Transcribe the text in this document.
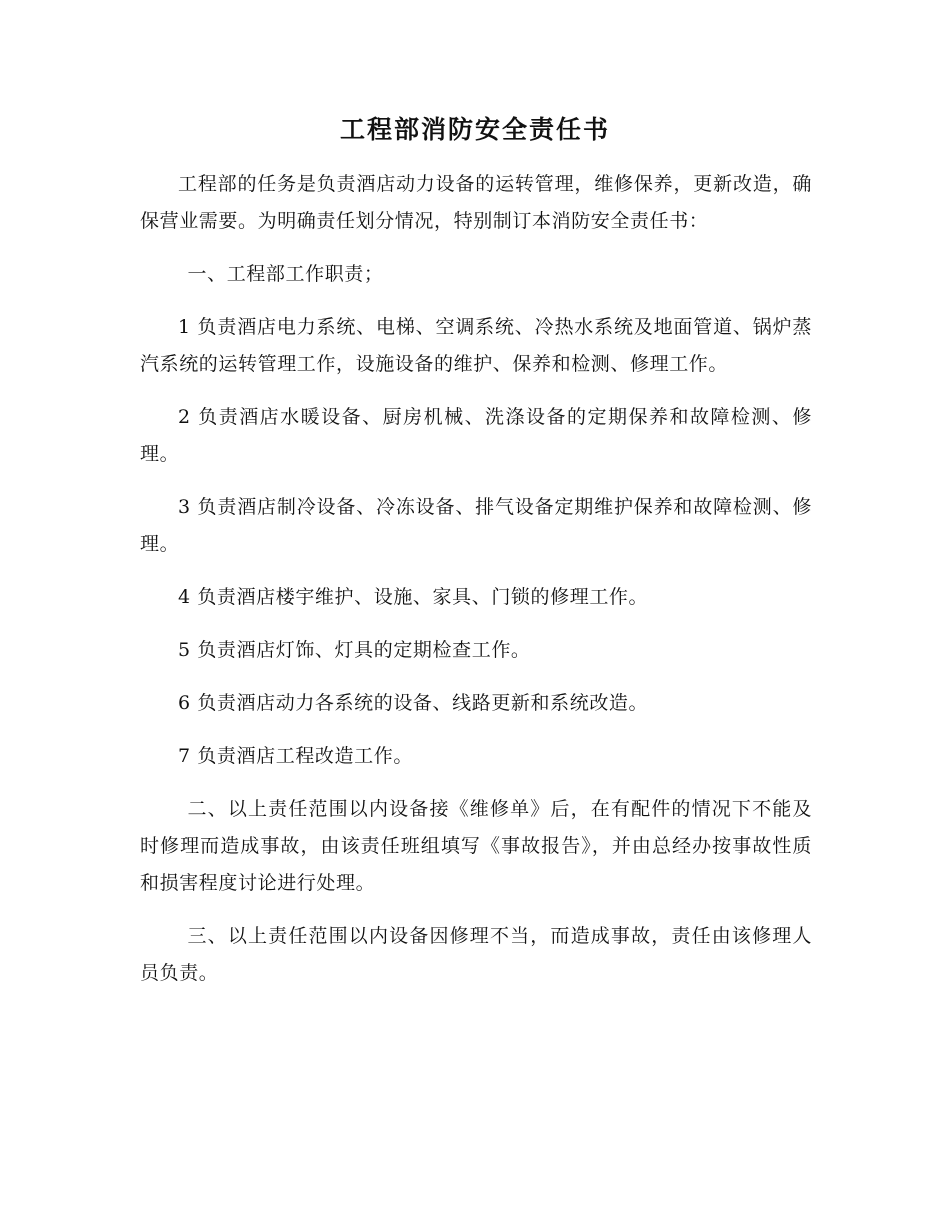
工程部消防安全责任书

工程部的任务是负责酒店动力设备的运转管理，维修保养，更新改造，确保营业需要。为明确责任划分情况，特别制订本消防安全责任书：

一、工程部工作职责；

1 负责酒店电力系统、电梯、空调系统、冷热水系统及地面管道、锅炉蒸汽系统的运转管理工作，设施设备的维护、保养和检测、修理工作。

2 负责酒店水暖设备、厨房机械、洗涤设备的定期保养和故障检测、修理。

3 负责酒店制冷设备、冷冻设备、排气设备定期维护保养和故障检测、修理。

4 负责酒店楼宇维护、设施、家具、门锁的修理工作。

5 负责酒店灯饰、灯具的定期检查工作。

6 负责酒店动力各系统的设备、线路更新和系统改造。

7 负责酒店工程改造工作。

二、以上责任范围以内设备接《维修单》后，在有配件的情况下不能及时修理而造成事故，由该责任班组填写《事故报告》，并由总经办按事故性质和损害程度讨论进行处理。

三、以上责任范围以内设备因修理不当，而造成事故，责任由该修理人员负责。
